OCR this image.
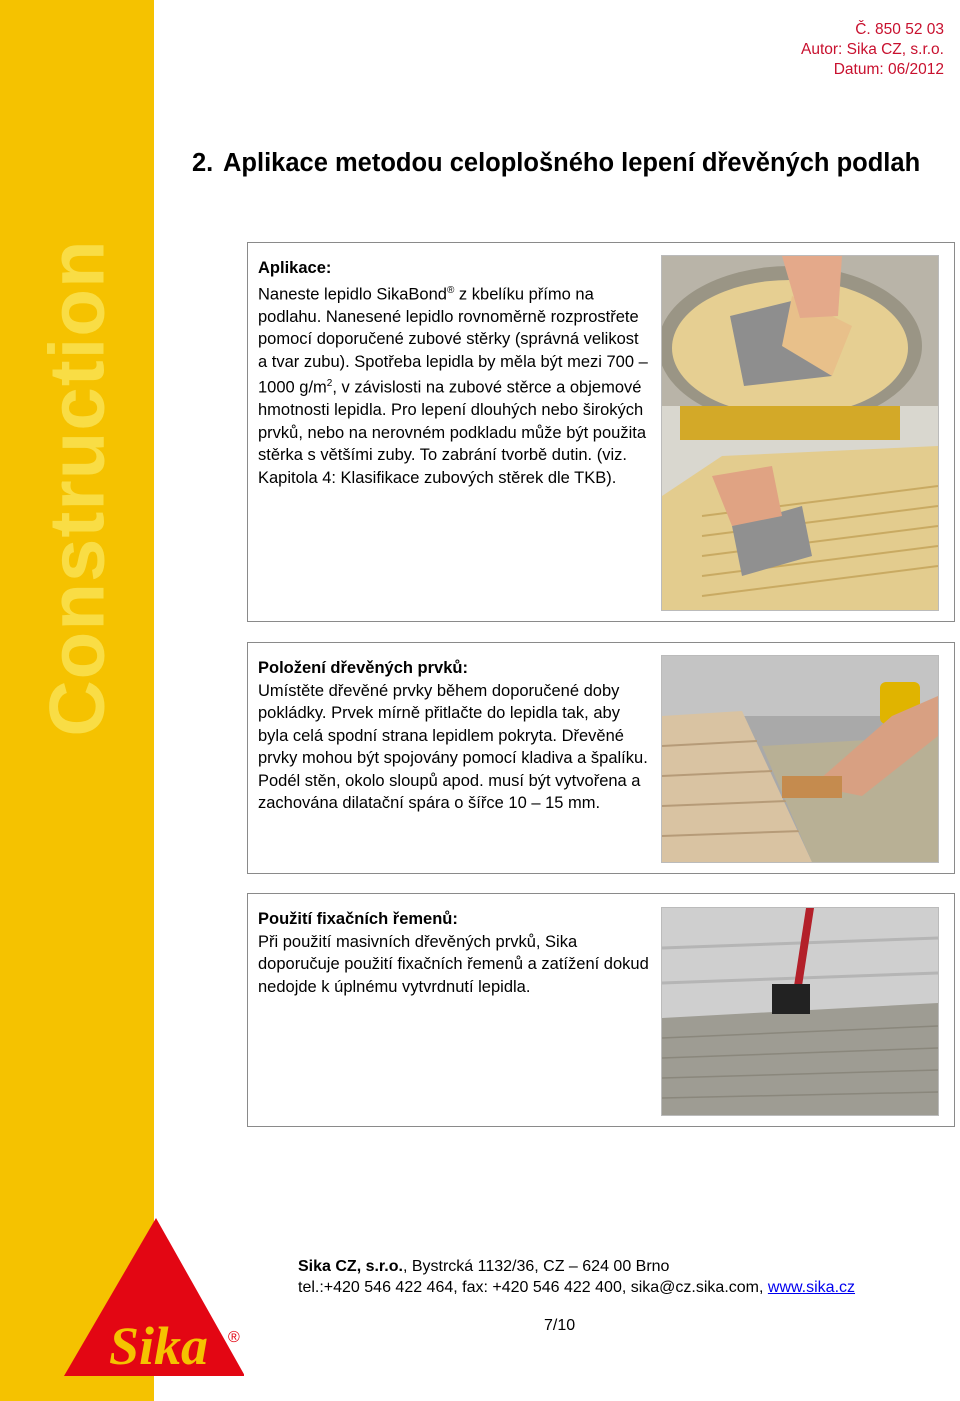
Construction
Sika ®
Č. 850 52 03
Autor: Sika CZ, s.r.o.
Datum: 06/2012
2. Aplikace metodou celoplošného lepení dřevěných podlah
Aplikace:
Naneste lepidlo SikaBond® z kbelíku přímo na podlahu. Nanesené lepidlo rovnoměrně rozprostřete pomocí doporučené zubové stěrky (správná velikost a tvar zubu). Spotřeba lepidla by měla být mezi 700 – 1000 $g/m^2$, v závislosti na zubové stěrce a objemové hmotnosti lepidla. Pro lepení dlouhých nebo širokých prvků, nebo na nerovném podkladu může být použita stěrka s většími zuby. To zabrání tvorbě dutin. (viz. Kapitola 4: Klasifikace zubových stěrek dle TKB).
Položení dřevěných prvků:
Umístěte dřevěné prvky během doporučené doby pokládky. Prvek mírně přitlačte do lepidla tak, aby byla celá spodní strana lepidlem pokryta. Dřevěné prvky mohou být spojovány pomocí kladiva a špalíku. Podél stěn, okolo sloupů apod. musí být vytvořena a zachována dilatační spára o šířce 10 – 15 mm.
Použití fixačních řemenů:
Při použití masivních dřevěných prvků, Sika doporučuje použití fixačních řemenů a zatížení dokud nedojde k úplnému vytvrdnutí lepidla.
Sika CZ, s.r.o., Bystrcká 1132/36, CZ – 624 00 Brno
tel.:+420 546 422 464, fax: +420 546 422 400, sika@cz.sika.com, www.sika.cz
7/10
